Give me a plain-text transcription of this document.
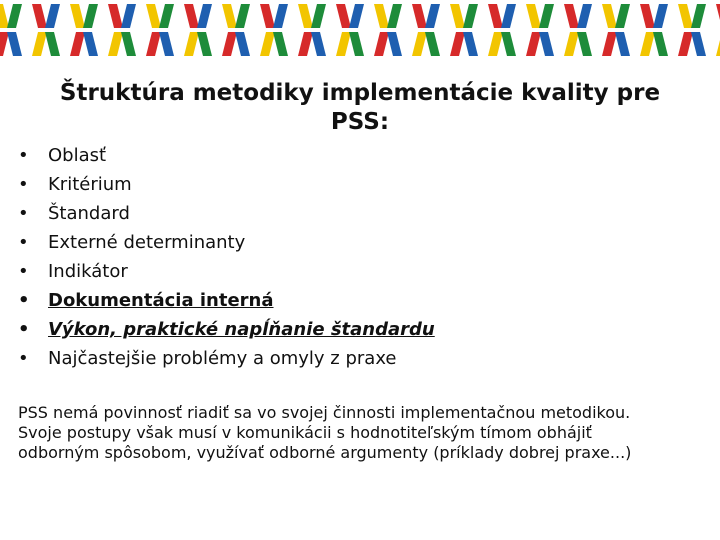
Štruktúra metodiky implementácie kvality pre PSS:
• Oblasť
• Kritérium
• Štandard
• Externé determinanty
• Indikátor
• Dokumentácia interná
• Výkon, praktické napĺňanie štandardu
• Najčastejšie problémy a omyly z praxe

PSS nemá povinnosť riadiť sa vo svojej činnosti implementačnou metodikou. Svoje postupy však musí v komunikácii s hodnotiteľským tímom obhájiť odborným spôsobom, využívať odborné argumenty (príklady dobrej praxe...)
